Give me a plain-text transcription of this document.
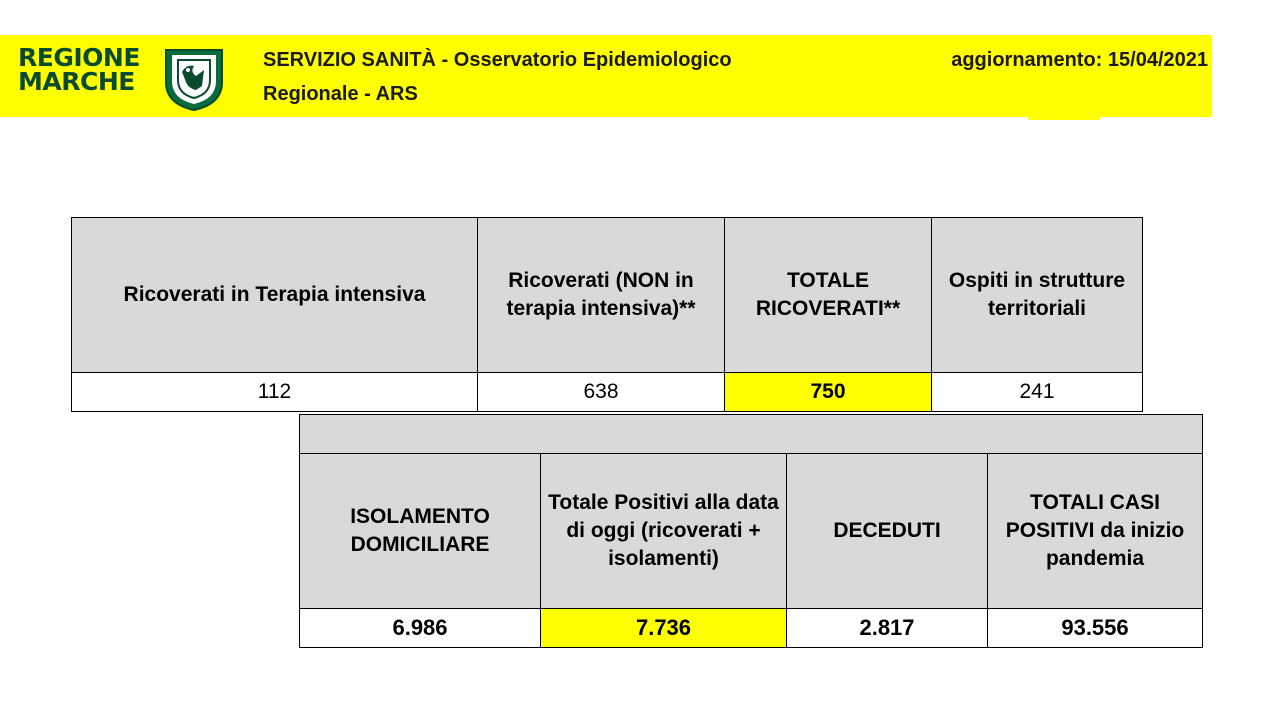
REGIONE
MARCHE
SERVIZIO SANITÀ - Osservatorio Epidemiologico
Regionale - ARS
aggiornamento: 15/04/2021
Ricoverati in Terapia intensiva	Ricoverati (NON in terapia intensiva)**	TOTALE RICOVERATI**	Ospiti in strutture territoriali
112	638	750	241

ISOLAMENTO DOMICILIARE	Totale Positivi alla data di oggi (ricoverati + isolamenti)	DECEDUTI	TOTALI CASI POSITIVI da inizio pandemia
6.986	7.736	2.817	93.556
